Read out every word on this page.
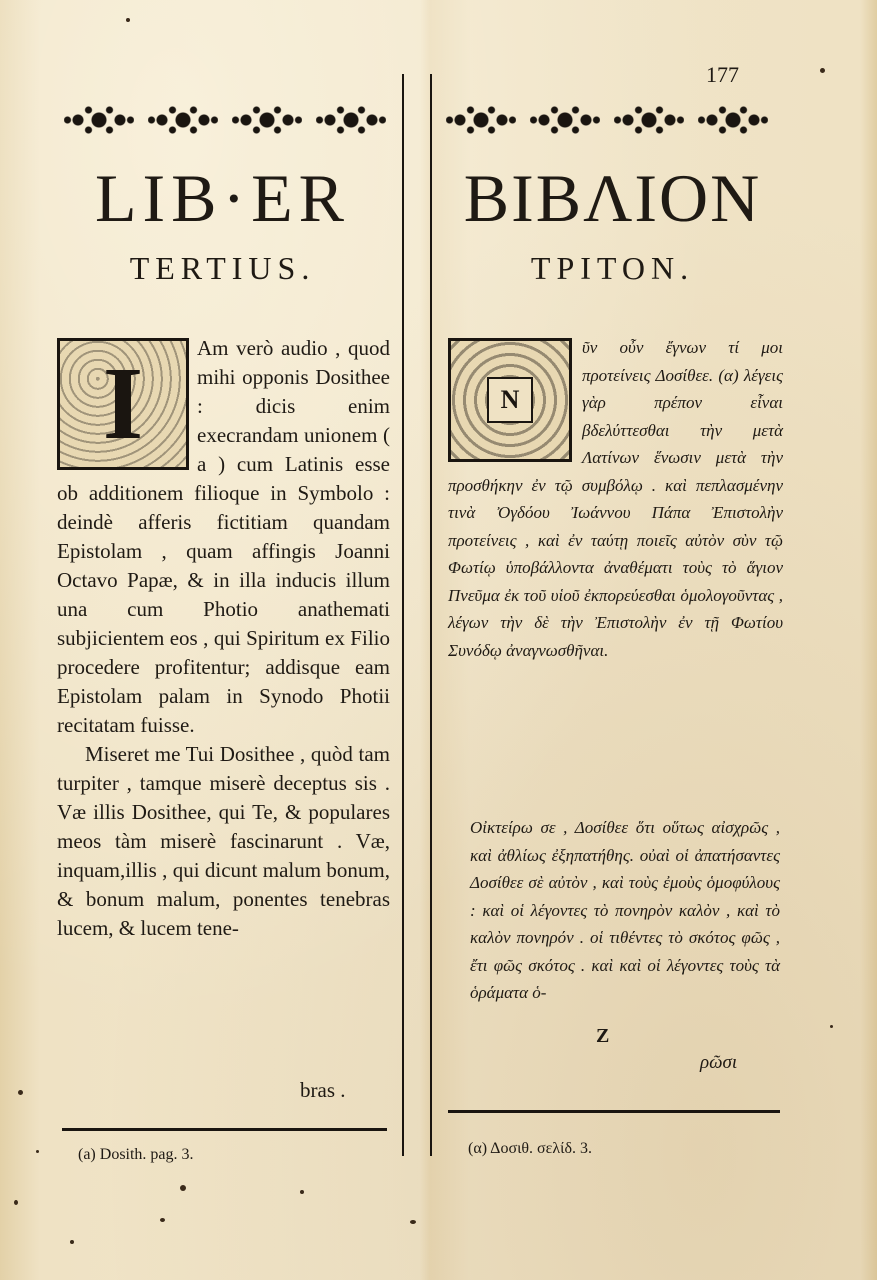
177
LIB·ER
TERTIUS.
ΒΙΒΛΙΟΝ
ΤΡΙΤΟΝ.
I	Am verò audio , quod mihi opponis Dosithee : dicis enim execrandam unionem ( a ) cum Latinis esse ob additionem filioque in Symbolo : deindè afferis fictitiam quandam Epistolam , quam affingis Joanni Octavo Papæ, & in illa inducis illum una cum Photio anathemati subjicientem eos , qui Spiritum ex Filio procedere profitentur; addisque eam Epistolam palam in Synodo Photii recitatam fuisse.

Miseret me Tui Dosithee , quòd tam turpiter , tamque miserè deceptus sis . Væ illis Dosithee, qui Te, & populares meos tàm miserè fascinarunt . Væ, inquam,illis , qui dicunt malum bonum, & bonum malum, ponentes tenebras lucem, & lucem tene-

bras .
N

ῦν οὖν ἔγνων τί μοι προτείνεις Δοσίθεε. (α) λέγεις γὰρ πρέπον εἶναι βδελύττεσθαι τὴν μετὰ Λατίνων ἕνωσιν μετὰ τὴν προσθήκην ἐν τῷ συμβόλῳ . καὶ πεπλασμένην τινὰ Ὀγδόου Ἰωάννου Πάπα Ἐπιστολὴν προτείνεις , καὶ ἐν ταύτῃ ποιεῖς αὐτὸν σὺν τῷ Φωτίῳ ὑποβάλλοντα ἀναθέματι τοὺς τὸ ἅγιον Πνεῦμα ἐκ τοῦ υἱοῦ ἐκπορεύεσθαι ὁμολογοῦντας , λέγων τὴν δὲ τὴν Ἐπιστολὴν ἐν τῇ Φωτίου Συνόδῳ ἀναγνωσθῆναι.

Οἰκτείρω σε , Δοσίθεε ὅτι οὕτως αἰσχρῶς , καὶ ἀθλίως ἐξηπατήθης. οὐαὶ οἱ ἀπατήσαντες Δοσίθεε σὲ αὐτὸν , καὶ τοὺς ἐμοὺς ὁμοφύλους : καὶ οἱ λέγοντες τὸ πονηρὸν καλὸν , καὶ τὸ καλὸν πονηρόν . οἱ τιθέντες τὸ σκότος φῶς , ἔτι φῶς σκότος . καὶ καὶ οἱ λέγοντες τοὺς τὰ ὁράματα ὁ-

Z
ρῶσι
(a) Dosith. pag. 3.	(α) Δοσιθ. σελίδ. 3.
